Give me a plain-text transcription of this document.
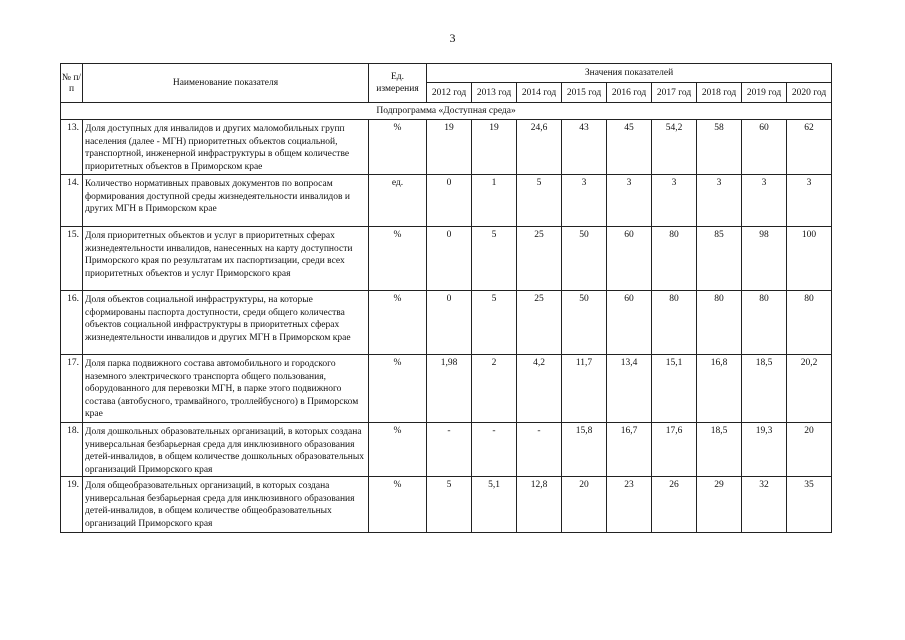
3
№ п/п	Наименование показателя	Ед. измерения	Значения показателей								
			2012 год	2013 год	2014 год	2015 год	2016 год	2017 год	2018 год	2019 год	2020 год
Подпрограмма «Доступная среда»											
13.	Доля доступных для инвалидов и других маломобильных групп населения (далее - МГН) приоритетных объектов социальной, транспортной, инженерной инфраструктуры в общем количестве приоритетных объектов в Приморском крае	%	19	19	24,6	43	45	54,2	58	60	62
14.	Количество нормативных правовых документов по вопросам формирования доступной среды жизнедеятельности инвалидов и других МГН в Приморском крае	ед.	0	1	5	3	3	3	3	3	3
15.	Доля приоритетных объектов и услуг в приоритетных сферах жизнедеятельности инвалидов, нанесенных на карту доступности Приморского края по результатам их паспортизации, среди всех приоритетных объектов и услуг Приморского края	%	0	5	25	50	60	80	85	98	100
16.	Доля объектов социальной инфраструктуры, на которые сформированы паспорта доступности, среди общего количества объектов социальной инфраструктуры в приоритетных сферах жизнедеятельности инвалидов и других МГН в Приморском крае	%	0	5	25	50	60	80	80	80	80
17.	Доля парка подвижного состава автомобильного и городского наземного электрического транспорта общего пользования, оборудованного для перевозки МГН, в парке этого подвижного состава (автобусного, трамвайного, троллейбусного) в Приморском крае	%	1,98	2	4,2	11,7	13,4	15,1	16,8	18,5	20,2
18.	Доля дошкольных образовательных организаций, в которых создана универсальная безбарьерная среда для инклюзивного образования детей-инвалидов, в общем количестве дошкольных образовательных организаций Приморского края	%	-	-	-	15,8	16,7	17,6	18,5	19,3	20
19.	Доля общеобразовательных организаций, в которых создана универсальная безбарьерная среда для инклюзивного образования детей-инвалидов, в общем количестве общеобразовательных организаций Приморского края	%	5	5,1	12,8	20	23	26	29	32	35
